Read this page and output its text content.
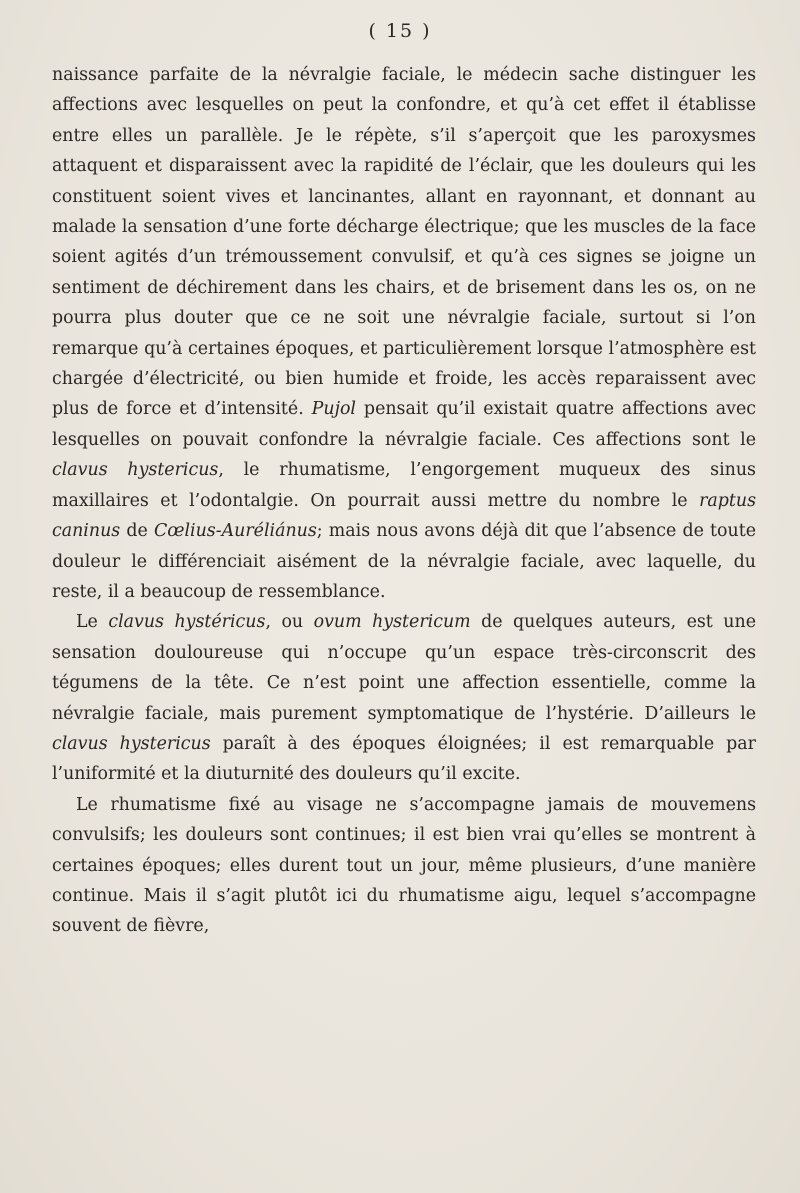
( 15 )

naissance parfaite de la névralgie faciale, le médecin sache distinguer les affections avec lesquelles on peut la confondre, et qu’à cet effet il établisse entre elles un parallèle. Je le répète, s’il s’aperçoit que les paroxysmes attaquent et disparaissent avec la rapidité de l’éclair, que les douleurs qui les constituent soient vives et lancinantes, allant en rayonnant, et donnant au malade la sensation d’une forte décharge électrique; que les muscles de la face soient agités d’un trémoussement convulsif, et qu’à ces signes se joigne un sentiment de déchirement dans les chairs, et de brisement dans les os, on ne pourra plus douter que ce ne soit une névralgie faciale, surtout si l’on remarque qu’à certaines époques, et particulièrement lorsque l’atmosphère est chargée d’électricité, ou bien humide et froide, les accès reparaissent avec plus de force et d’intensité. Pujol pensait qu’il existait quatre affections avec lesquelles on pouvait confondre la névralgie faciale. Ces affections sont le clavus hystericus, le rhumatisme, l’engorgement muqueux des sinus maxillaires et l’odontalgie. On pourrait aussi mettre du nombre le raptus caninus de Cœlius-Auréliánus; mais nous avons déjà dit que l’absence de toute douleur le différenciait aisément de la névralgie faciale, avec laquelle, du reste, il a beaucoup de ressemblance.

Le clavus hystéricus, ou ovum hystericum de quelques auteurs, est une sensation douloureuse qui n’occupe qu’un espace très-circonscrit des tégumens de la tête. Ce n’est point une affection essentielle, comme la névralgie faciale, mais purement symptomatique de l’hystérie. D’ailleurs le clavus hystericus paraît à des époques éloignées; il est remarquable par l’uniformité et la diuturnité des douleurs qu’il excite.

Le rhumatisme fixé au visage ne s’accompagne jamais de mouvemens convulsifs; les douleurs sont continues; il est bien vrai qu’elles se montrent à certaines époques; elles durent tout un jour, même plusieurs, d’une manière continue. Mais il s’agit plutôt ici du rhumatisme aigu, lequel s’accompagne souvent de fièvre,
